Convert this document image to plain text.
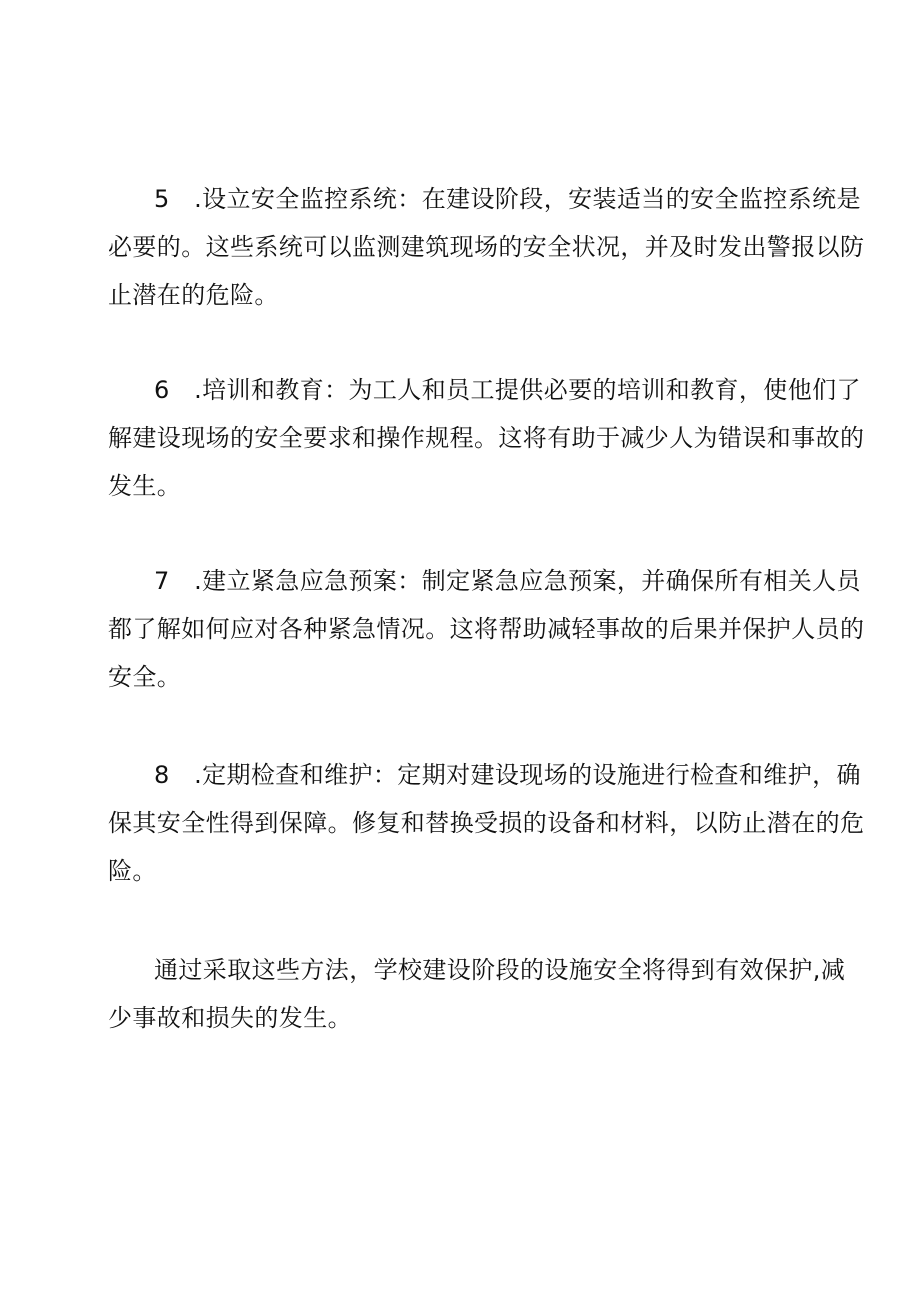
5　.设立安全监控系统：在建设阶段，安装适当的安全监控系统是
必要的。这些系统可以监测建筑现场的安全状况，并及时发出警报以防
止潜在的危险。

6　.培训和教育：为工人和员工提供必要的培训和教育，使他们了
解建设现场的安全要求和操作规程。这将有助于减少人为错误和事故的
发生。

7　.建立紧急应急预案：制定紧急应急预案，并确保所有相关人员
都了解如何应对各种紧急情况。这将帮助减轻事故的后果并保护人员的
安全。

8　.定期检查和维护：定期对建设现场的设施进行检查和维护，确
保其安全性得到保障。修复和替换受损的设备和材料，以防止潜在的危
险。

通过采取这些方法，学校建设阶段的设施安全将得到有效保护,减
少事故和损失的发生。
